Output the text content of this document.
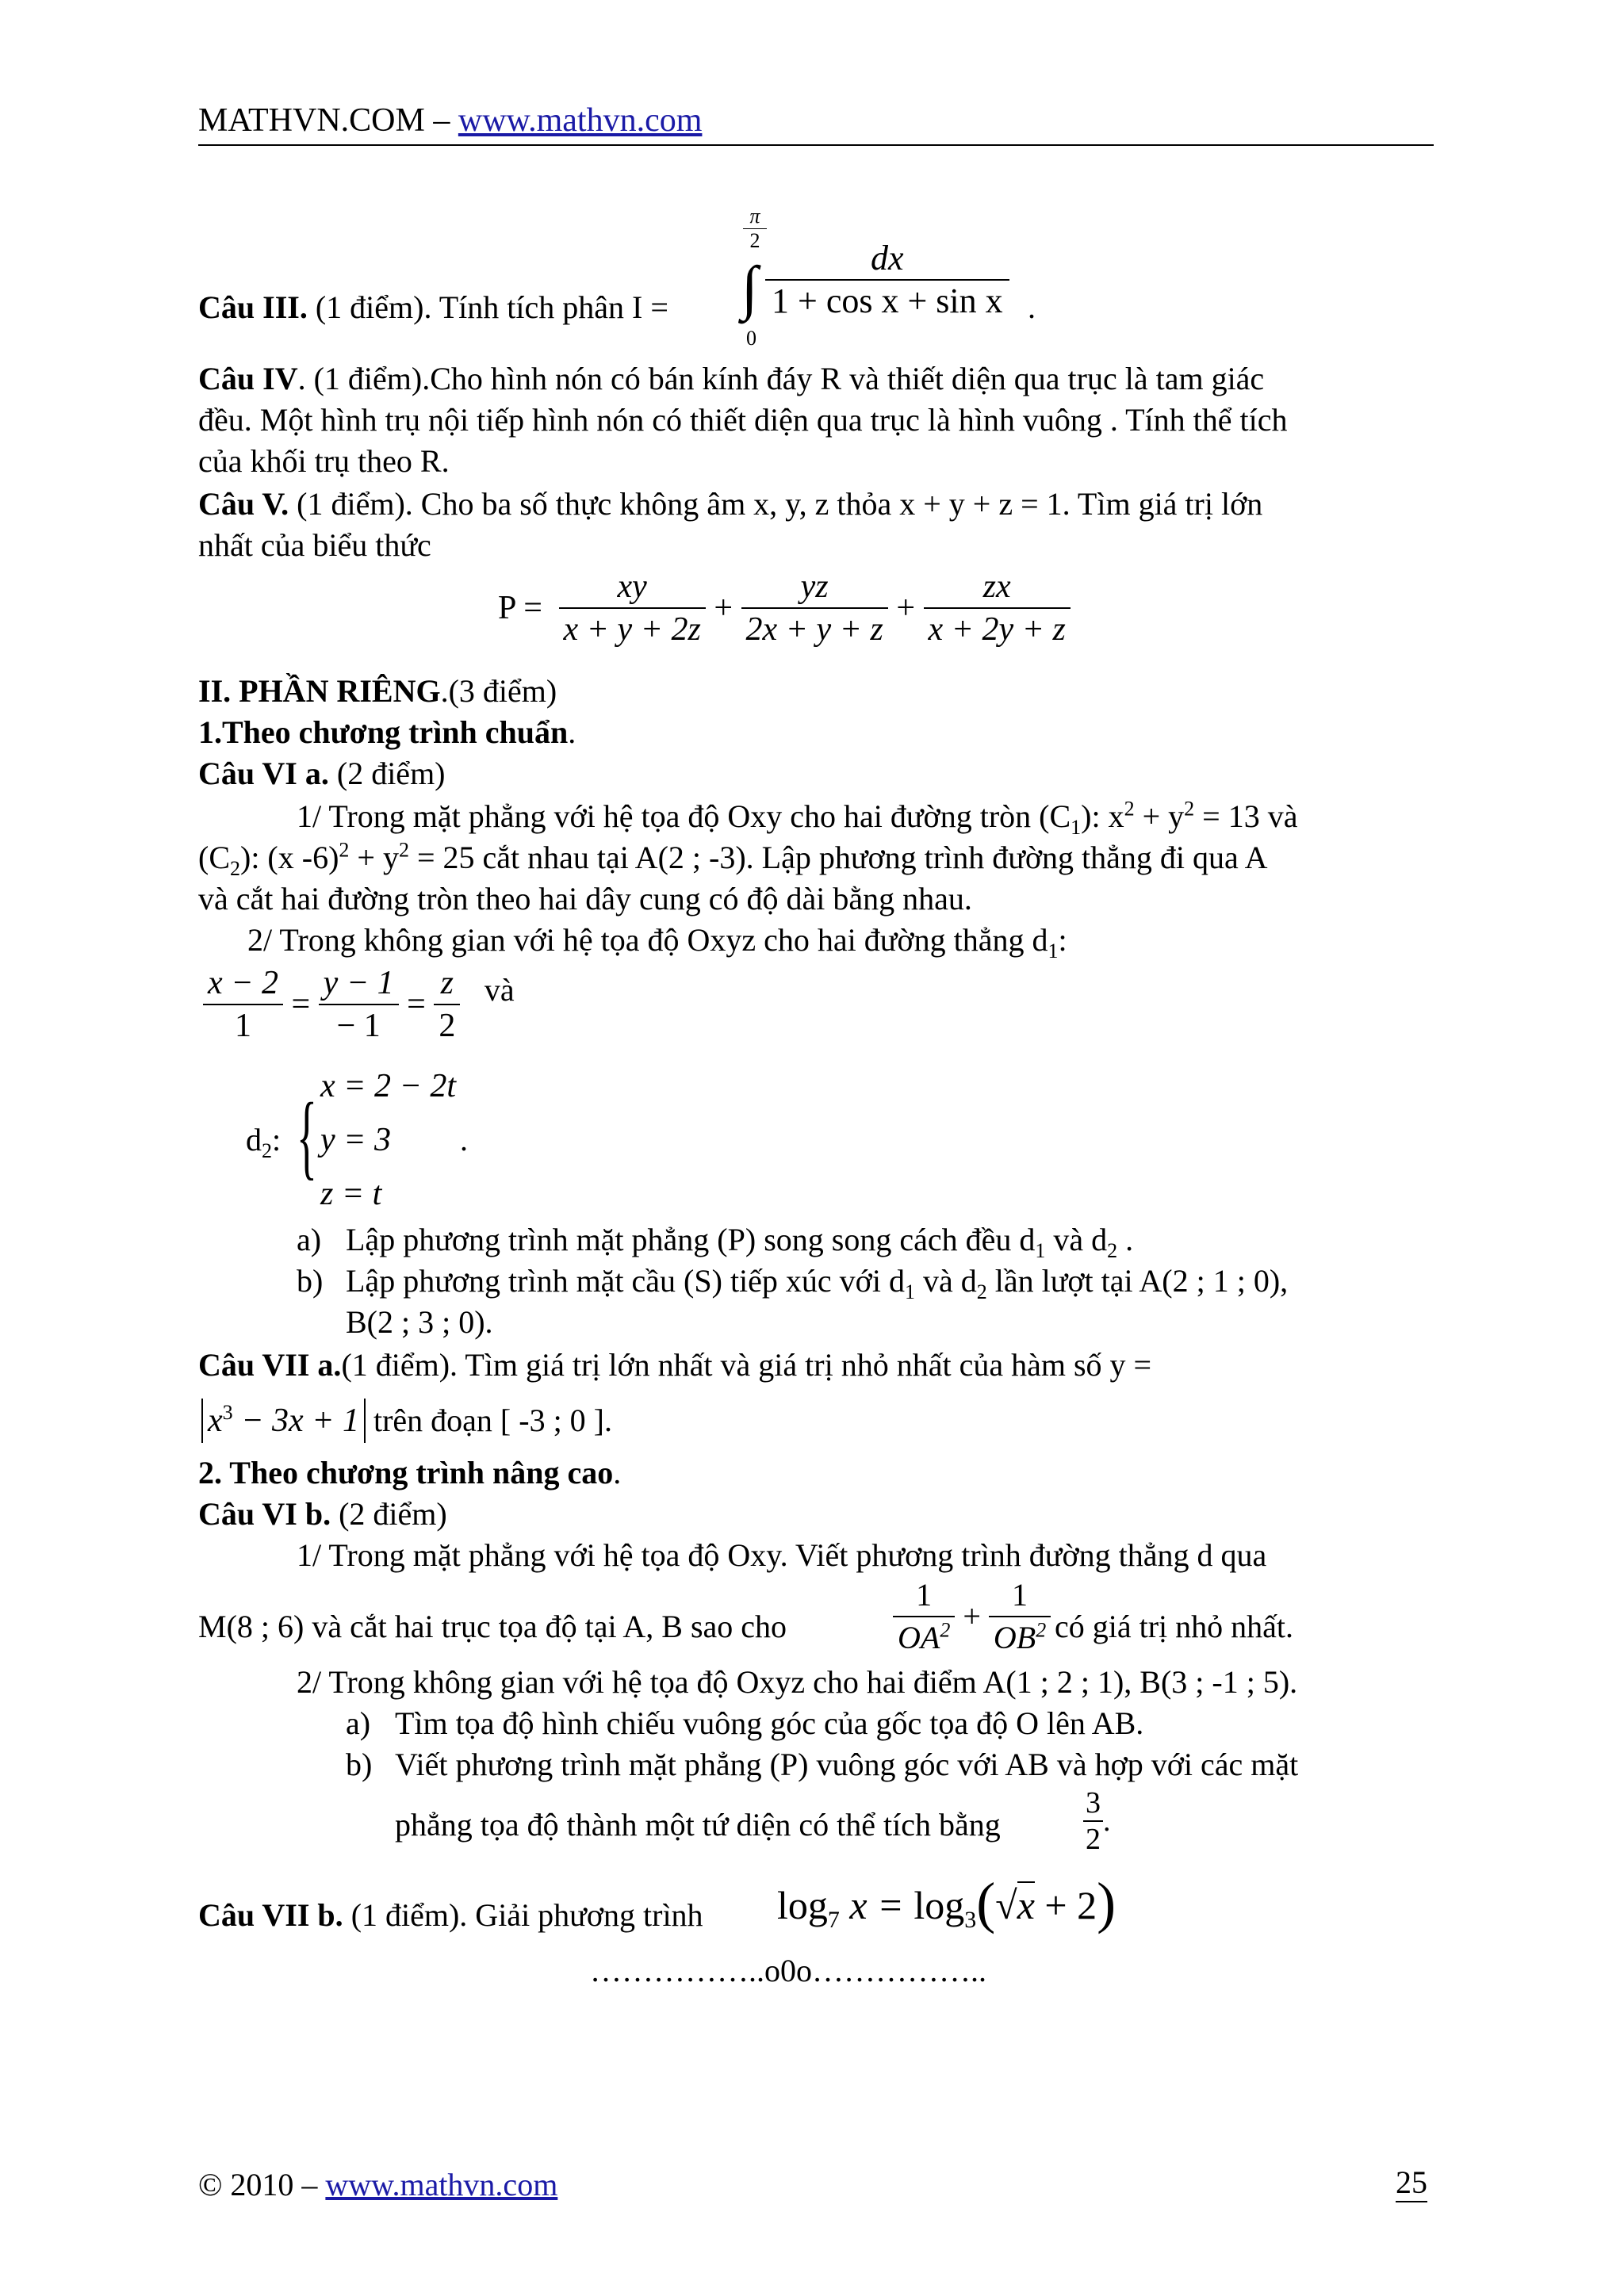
MATHVN.COM – www.mathvn.com
Câu III. (1 điểm). Tính tích phân I =
π
2
∫
0
$\frac{dx}{\text{1 + cos x + sin x}}$ .
Câu IV. (1 điểm).Cho hình nón có bán kính đáy R và thiết diện qua trục là tam giác
đều. Một hình trụ nội tiếp hình nón có thiết diện qua trục là hình vuông . Tính thể tích
của khối trụ theo R.
Câu V. (1 điểm). Cho ba số thực không âm x, y, z thỏa x + y + z = 1. Tìm giá trị lớn
nhất của biểu thức
$P = \frac{xy}{x + y + 2z} + \frac{yz}{2x + y + z} + \frac{zx}{x + 2y + z}$
II. PHẦN RIÊNG.(3 điểm)
1.Theo chương trình chuẩn.
Câu VI a. (2 điểm)
1/ Trong mặt phẳng với hệ tọa độ Oxy cho hai đường tròn $(C_1)$: $x^2 + y^2 = 13$ và
$(C_2)$: (x $-6)^2 + y^2 = 25$ cắt nhau tại A(2 ; -3). Lập phương trình đường thẳng đi qua A
và cắt hai đường tròn theo hai dây cung có độ dài bằng nhau.
2/ Trong không gian với hệ tọa độ Oxyz cho hai đường thẳng $d_1$:
$\frac{x - 2}{1} = \frac{y - 1}{- 1} = \frac{z}{2}$ và
$d_2$: { x = 2 − 2t
y = 3
z = t
.
a) Lập phương trình mặt phẳng (P) song song cách đều $d_1$ và $d_2$ .
b) Lập phương trình mặt cầu (S) tiếp xúc với $d_1$ và $d_2$ lần lượt tại A(2 ; 1 ; 0),
B(2 ; 3 ; 0).
Câu VII a.(1 điểm). Tìm giá trị lớn nhất và giá trị nhỏ nhất của hàm số y =
$x^3 - 3x + 1$ trên đoạn [ -3 ; 0 ].
2. Theo chương trình nâng cao.
Câu VI b. (2 điểm)
1/ Trong mặt phẳng với hệ tọa độ Oxy. Viết phương trình đường thẳng d qua
M(8 ; 6) và cắt hai trục tọa độ tại A, B sao cho	$\frac{1}{OA^2} + \frac{1}{OB^2}$ có giá trị nhỏ nhất.
2/ Trong không gian với hệ tọa độ Oxyz cho hai điểm A(1 ; 2 ; 1), B(3 ; -1 ; 5).
a) Tìm tọa độ hình chiếu vuông góc của gốc tọa độ O lên AB.
b) Viết phương trình mặt phẳng (P) vuông góc với AB và hợp với các mặt
phẳng tọa độ thành một tứ diện có thể tích bằng	$\frac{3}{2}$ .
Câu VII b. (1 điểm). Giải phương trình $\log_7 x = \log_3(√x + 2)$
……………..o0o……………..
© 2010 – www.mathvn.com	25
